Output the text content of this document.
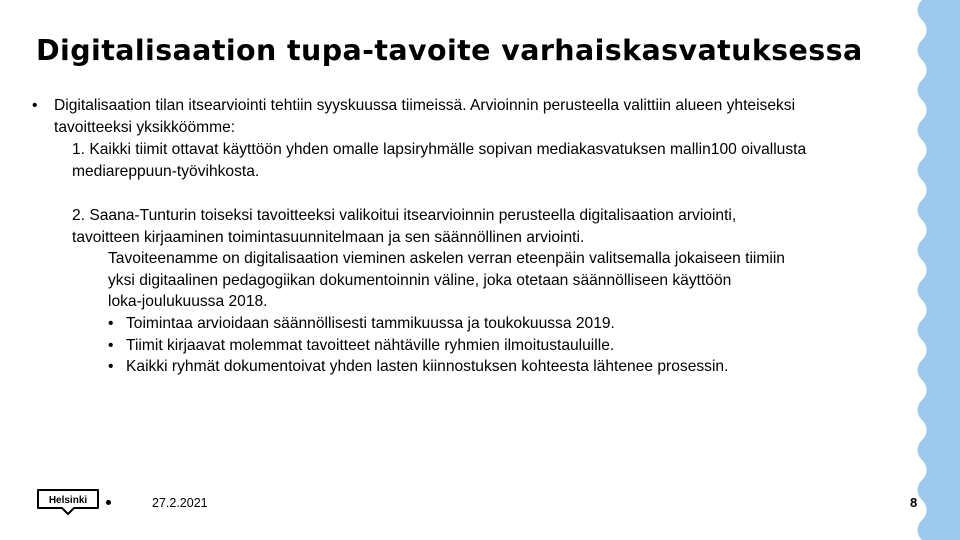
Digitalisaation tupa-tavoite varhaiskasvatuksessa
• Digitalisaation tilan itsearviointi tehtiin syyskuussa tiimeissä. Arvioinnin perusteella valittiin alueen yhteiseksi
tavoitteeksi yksikköömme:
1. Kaikki tiimit ottavat käyttöön yhden omalle lapsiryhmälle sopivan mediakasvatuksen mallin100 oivallusta
mediareppuun-työvihkosta.
2. Saana-Tunturin toiseksi tavoitteeksi valikoitui itsearvioinnin perusteella digitalisaation arviointi,
tavoitteen kirjaaminen toimintasuunnitelmaan ja sen säännöllinen arviointi.
Tavoiteenamme on digitalisaation vieminen askelen verran eteenpäin valitsemalla jokaiseen tiimiin
yksi digitaalinen pedagogiikan dokumentoinnin väline, joka otetaan säännölliseen käyttöön
loka-joulukuussa 2018.
• Toimintaa arvioidaan säännöllisesti tammikuussa ja toukokuussa 2019.
• Tiimit kirjaavat molemmat tavoitteet nähtäville ryhmien ilmoitustauluille.
• Kaikki ryhmät dokumentoivat yhden lasten kiinnostuksen kohteesta lähtenee prosessin.
Helsinki	27.2.2021	8
